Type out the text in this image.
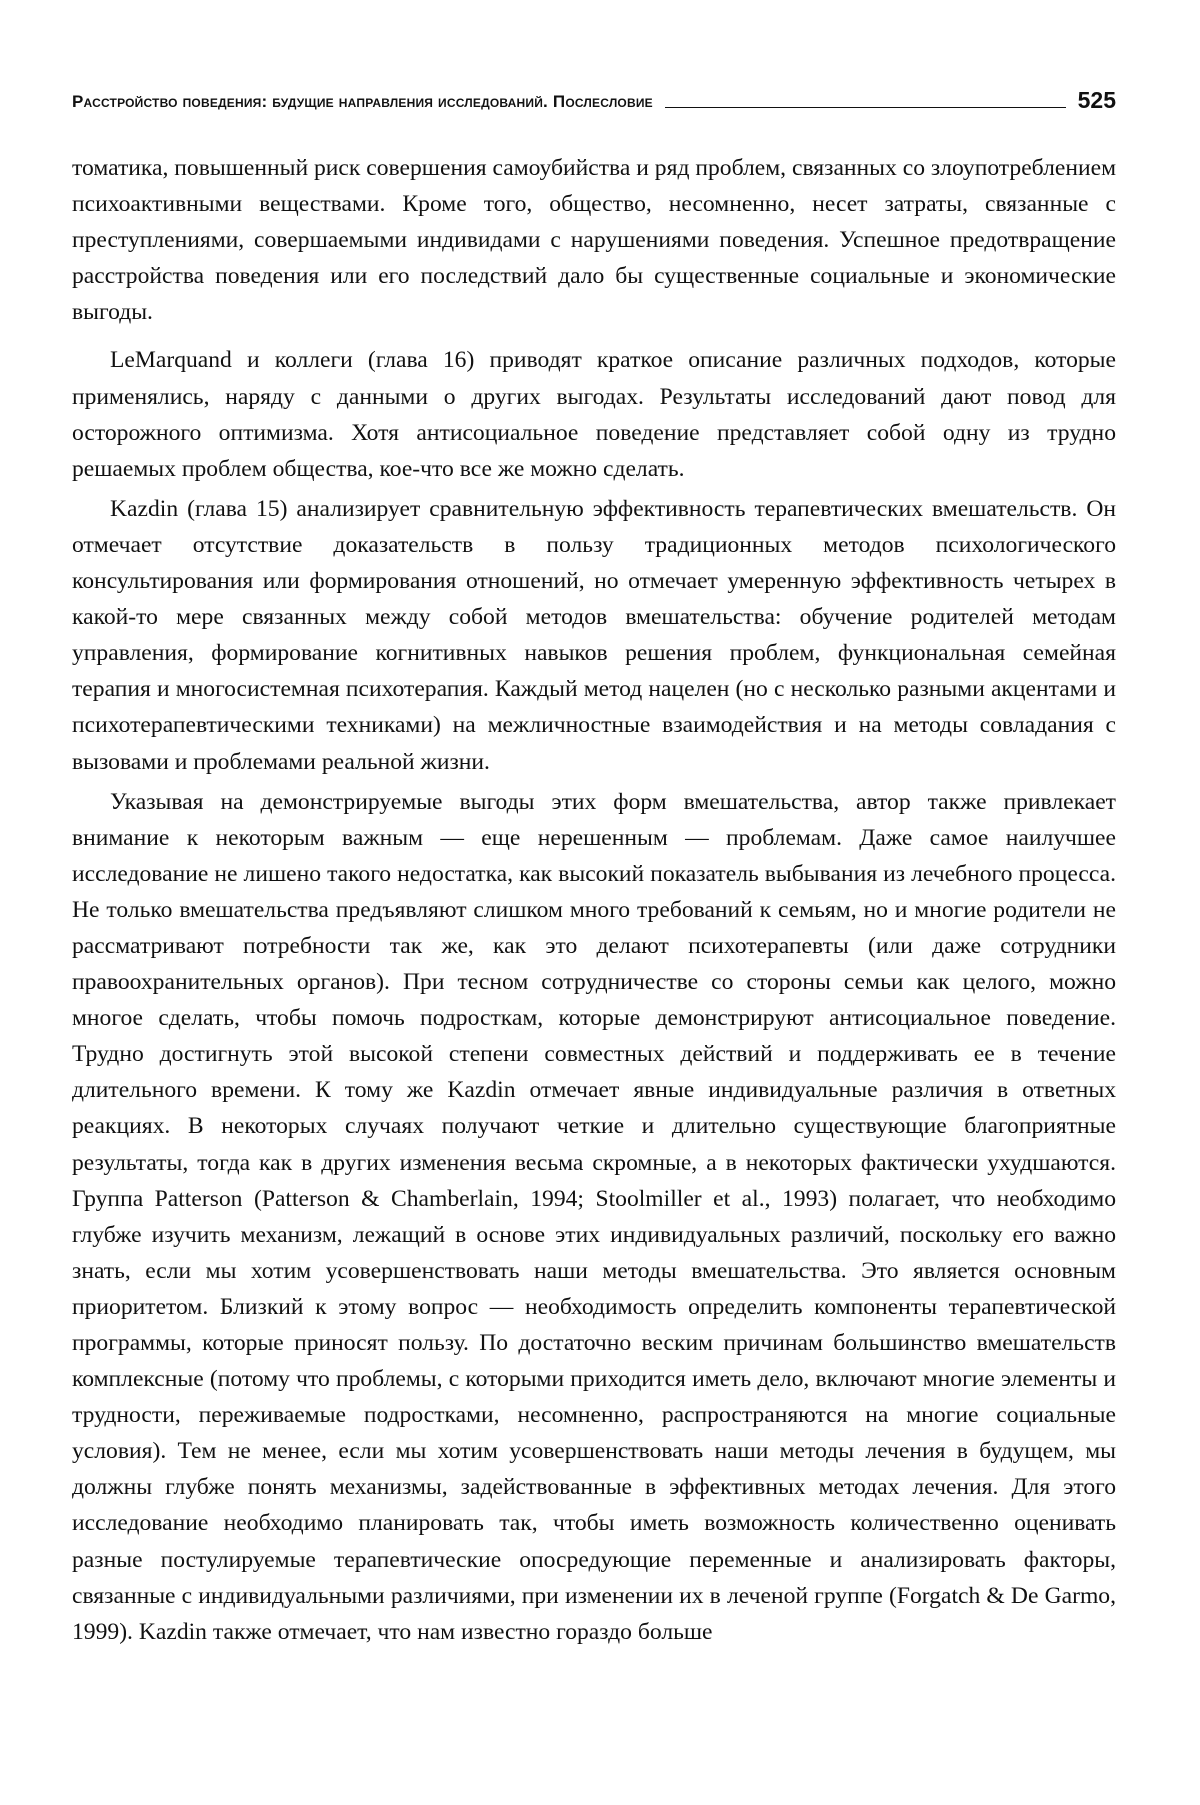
Расстройство поведения: будущие направления исследований. Послесловие	525

томатика, повышенный риск совершения самоубийства и ряд проблем, связанных со злоупотреблением психоактивными веществами. Кроме того, общество, несомненно, несет затраты, связанные с преступлениями, совершаемыми индивидами с нарушениями поведения. Успешное предотвращение расстройства поведения или его последствий дало бы существенные социальные и экономические выгоды.

LeMarquand и коллеги (глава 16) приводят краткое описание различных подходов, которые применялись, наряду с данными о других выгодах. Результаты исследований дают повод для осторожного оптимизма. Хотя антисоциальное поведение представляет собой одну из трудно решаемых проблем общества, кое-что все же можно сделать.

Kazdin (глава 15) анализирует сравнительную эффективность терапевтических вмешательств. Он отмечает отсутствие доказательств в пользу традиционных методов психологического консультирования или формирования отношений, но отмечает умеренную эффективность четырех в какой-то мере связанных между собой методов вмешательства: обучение родителей методам управления, формирование когнитивных навыков решения проблем, функциональная семейная терапия и многосистемная психотерапия. Каждый метод нацелен (но с несколько разными акцентами и психотерапевтическими техниками) на межличностные взаимодействия и на методы совладания с вызовами и проблемами реальной жизни.

Указывая на демонстрируемые выгоды этих форм вмешательства, автор также привлекает внимание к некоторым важным — еще нерешенным — проблемам. Даже самое наилучшее исследование не лишено такого недостатка, как высокий показатель выбывания из лечебного процесса. Не только вмешательства предъявляют слишком много требований к семьям, но и многие родители не рассматривают потребности так же, как это делают психотерапевты (или даже сотрудники правоохранительных органов). При тесном сотрудничестве со стороны семьи как целого, можно многое сделать, чтобы помочь подросткам, которые демонстрируют антисоциальное поведение. Трудно достигнуть этой высокой степени совместных действий и поддерживать ее в течение длительного времени. К тому же Kazdin отмечает явные индивидуальные различия в ответных реакциях. В некоторых случаях получают четкие и длительно существующие благоприятные результаты, тогда как в других изменения весьма скромные, а в некоторых фактически ухудшаются. Группа Patterson (Patterson & Chamberlain, 1994; Stoolmiller et al., 1993) полагает, что необходимо глубже изучить механизм, лежащий в основе этих индивидуальных различий, поскольку его важно знать, если мы хотим усовершенствовать наши методы вмешательства. Это является основным приоритетом. Близкий к этому вопрос — необходимость определить компоненты терапевтической программы, которые приносят пользу. По достаточно веским причинам большинство вмешательств комплексные (потому что проблемы, с которыми приходится иметь дело, включают многие элементы и трудности, переживаемые подростками, несомненно, распространяются на многие социальные условия). Тем не менее, если мы хотим усовершенствовать наши методы лечения в будущем, мы должны глубже понять механизмы, задействованные в эффективных методах лечения. Для этого исследование необходимо планировать так, чтобы иметь возможность количественно оценивать разные постулируемые терапевтические опосредующие переменные и анализировать факторы, связанные с индивидуальными различиями, при изменении их в леченой группе (Forgatch & De Garmo, 1999). Kazdin также отмечает, что нам известно гораздо больше
